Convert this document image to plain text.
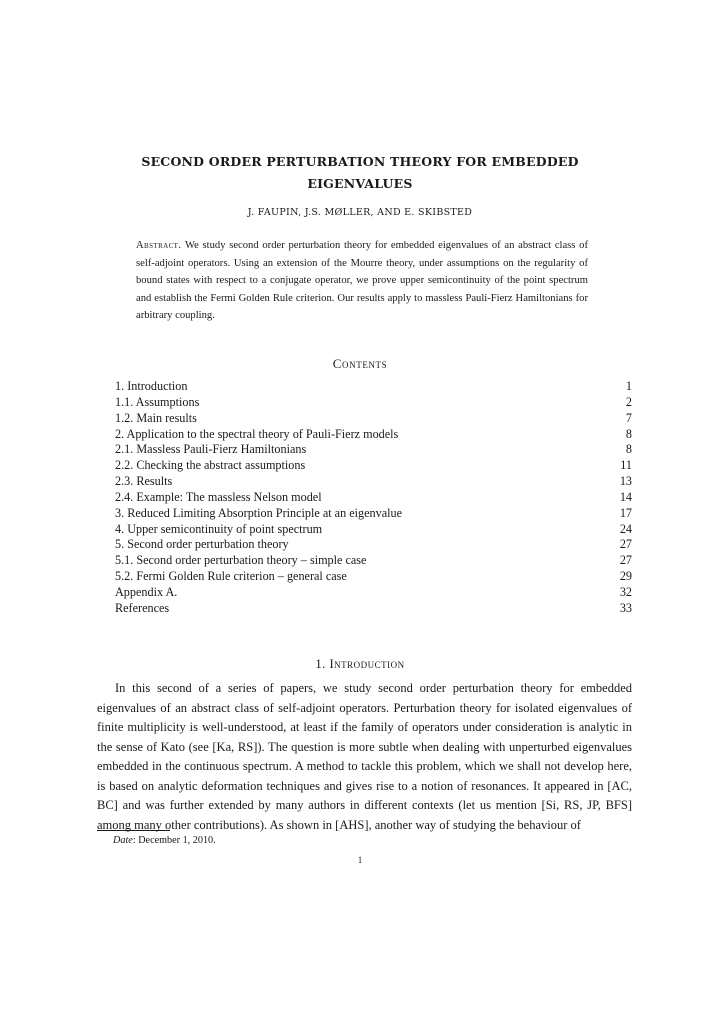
SECOND ORDER PERTURBATION THEORY FOR EMBEDDED
EIGENVALUES
J. FAUPIN, J.S. MØLLER, AND E. SKIBSTED
Abstract. We study second order perturbation theory for embedded eigenvalues of an abstract class of self-adjoint operators. Using an extension of the Mourre theory, under assumptions on the regularity of bound states with respect to a conjugate operator, we prove upper semicontinuity of the point spectrum and establish the Fermi Golden Rule criterion. Our results apply to massless Pauli-Fierz Hamiltonians for arbitrary coupling.
Contents
1. Introduction	1
1.1. Assumptions	2
1.2. Main results	7
2. Application to the spectral theory of Pauli-Fierz models	8
2.1. Massless Pauli-Fierz Hamiltonians	8
2.2. Checking the abstract assumptions	11
2.3. Results	13
2.4. Example: The massless Nelson model	14
3. Reduced Limiting Absorption Principle at an eigenvalue	17
4. Upper semicontinuity of point spectrum	24
5. Second order perturbation theory	27
5.1. Second order perturbation theory – simple case	27
5.2. Fermi Golden Rule criterion – general case	29
Appendix A.	32
References	33
1. Introduction

In this second of a series of papers, we study second order perturbation theory for embedded eigenvalues of an abstract class of self-adjoint operators. Perturbation theory for isolated eigenvalues of finite multiplicity is well-understood, at least if the family of operators under consideration is analytic in the sense of Kato (see [Ka, RS]). The question is more subtle when dealing with unperturbed eigenvalues embedded in the continuous spectrum. A method to tackle this problem, which we shall not develop here, is based on analytic deformation techniques and gives rise to a notion of resonances. It appeared in [AC, BC] and was further extended by many authors in different contexts (let us mention [Si, RS, JP, BFS] among many other contributions). As shown in [AHS], another way of studying the behaviour of

Date: December 1, 2010.
1
